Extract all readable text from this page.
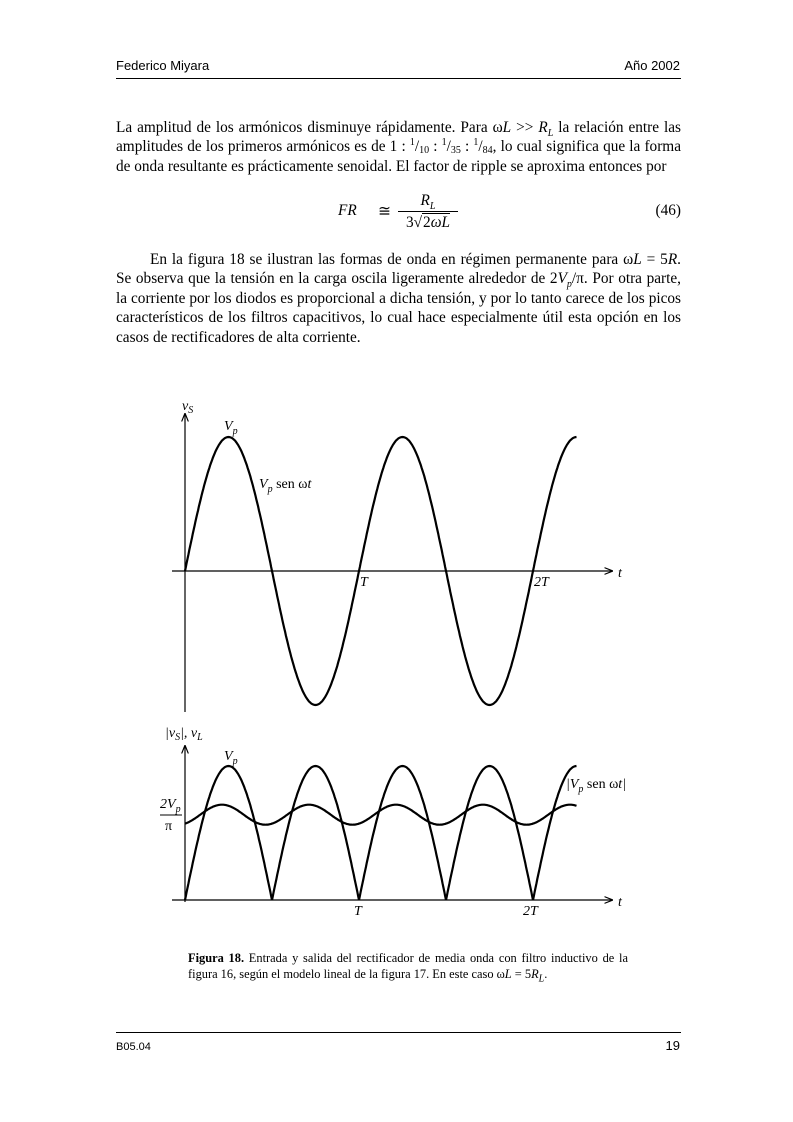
Federico Miyara	Año 2002
La amplitud de los armónicos disminuye rápidamente. Para $\omega L >> R_L$ la relación entre las amplitudes de los primeros armónicos es de 1 : $^1/_{10}$ : $^1/_{35}$ : $^1/_{84}$, lo cual significa que la forma de onda resultante es prácticamente senoidal. El factor de ripple se aproxima entonces por
FR ≅
$R_L$
3√2ωL
(46)
En la figura 18 se ilustran las formas de onda en régimen permanente para ωL = 5R. Se observa que la tensión en la carga oscila ligeramente alrededor de $2V_p/\pi$. Por otra parte, la corriente por los diodos es proporcional a dicha tensión, y por lo tanto carece de los picos característicos de los filtros capacitivos, lo cual hace especialmente útil esta opción en los casos de rectificadores de alta corriente.
$v_S$
$V_p$
$V_p$ sen ωt
t
T	2T
$|v_S|$, $v_L$
$V_p$
$2V_p$
π
$|V_p$ sen ωt|
t
T	2T
Figura 18. Entrada y salida del rectificador de media onda con filtro inductivo de la figura 16, según el modelo lineal de la figura 17. En este caso $\omega L = 5R_L$.
B05.04	19
